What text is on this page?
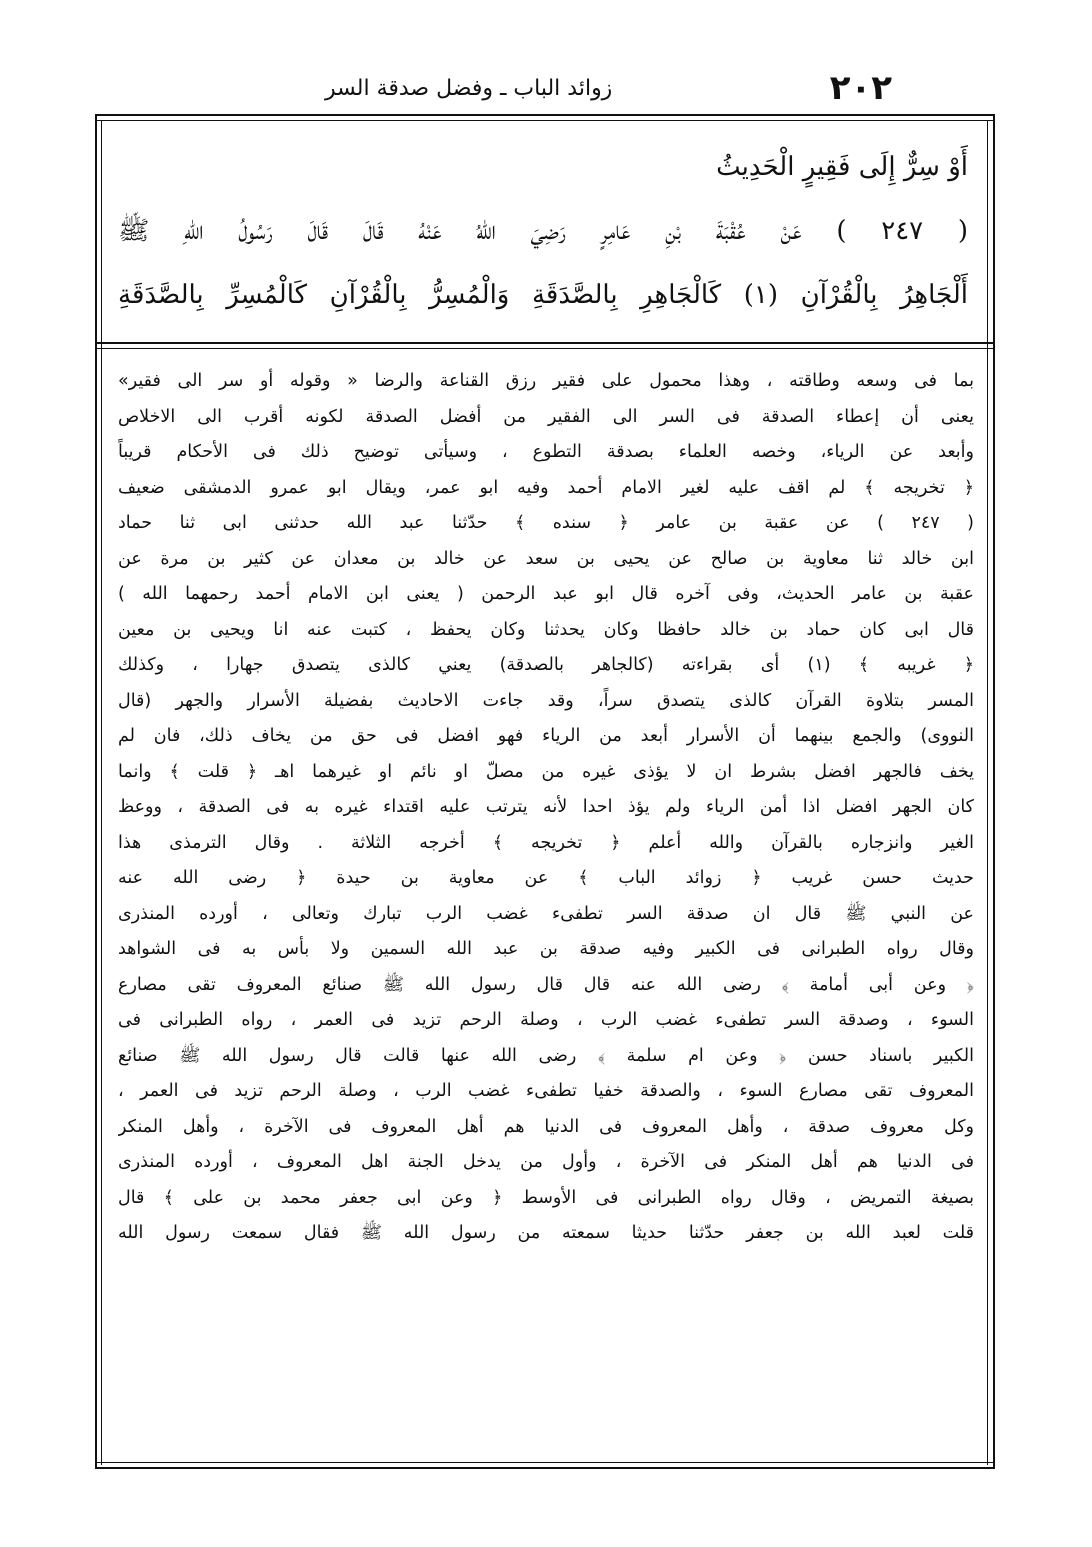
٢٠٢
زوائد الباب ـ وفضل صدقة السر
أَوْ سِرٌّ إِلَى فَقِيرٍ الْحَدِيثُ
( ٢٤٧ ) عَنْ عُقْبَةَ بْنِ عَامِرٍ رَضِيَ اللهُ عَنْهُ قَالَ قَالَ رَسُولُ اللهِ ﷺ
أَلْجَاهِرُ بِالْقُرْآنِ (١) كَالْجَاهِرِ بِالصَّدَقَةِ وَالْمُسِرُّ بِالْقُرْآنِ كَالْمُسِرِّ بِالصَّدَقَةِ
بما فى وسعه وطاقته ، وهذا محمول على فقير رزق القناعة والرضا « وقوله أو سر الى فقير»
يعنى أن إعطاء الصدقة فى السر الى الفقير من أفضل الصدقة لكونه أقرب الى الاخلاص
وأبعد عن الرياء، وخصه العلماء بصدقة التطوع ، وسيأتى توضيح ذلك فى الأحكام قريباً
﴿ تخريجه ﴾ لم اقف عليه لغير الامام أحمد وفيه ابو عمر، ويقال ابو عمرو الدمشقى ضعيف
( ٢٤٧ ) عن عقبة بن عامر ﴿ سنده ﴾ حدّثنا عبد الله حدثنى ابى ثنا حماد
ابن خالد ثنا معاوية بن صالح عن يحيى بن سعد عن خالد بن معدان عن كثير بن مرة عن
عقبة بن عامر الحديث، وفى آخره قال ابو عبد الرحمن ( يعنى ابن الامام أحمد رحمهما الله )
قال ابى كان حماد بن خالد حافظا وكان يحدثنا وكان يحفظ ، كتبت عنه انا ويحيى بن معين
﴿ غريبه ﴾ (١) أى بقراءته (كالجاهر بالصدقة) يعني كالذى يتصدق جهارا ، وكذلك
المسر بتلاوة القرآن كالذى يتصدق سراً، وقد جاءت الاحاديث بفضيلة الأسرار والجهر (قال
النووى) والجمع بينهما أن الأسرار أبعد من الرياء فهو افضل فى حق من يخاف ذلك، فان لم
يخف فالجهر افضل بشرط ان لا يؤذى غيره من مصلّ او نائم او غيرهما اهـ ﴿ قلت ﴾ وانما
كان الجهر افضل اذا أمن الرياء ولم يؤذ احدا لأنه يترتب عليه اقتداء غيره به فى الصدقة ، ووعظ
الغير وانزجاره بالقرآن والله أعلم ﴿ تخريجه ﴾ أخرجه الثلاثة . وقال الترمذى هذا
حديث حسن غريب ﴿ زوائد الباب ﴾ عن معاوية بن حيدة ﴿ رضى الله عنه
عن النبي ﷺ قال ان صدقة السر تطفىء غضب الرب تبارك وتعالى ، أورده المنذرى
وقال رواه الطبرانى فى الكبير وفيه صدقة بن عبد الله السمين ولا بأس به فى الشواهد
﴿ وعن أبى أمامة ﴾ رضى الله عنه قال قال رسول الله ﷺ صنائع المعروف تقى مصارع
السوء ، وصدقة السر تطفىء غضب الرب ، وصلة الرحم تزيد فى العمر ، رواه الطبرانى فى
الكبير باسناد حسن ﴿ وعن ام سلمة ﴾ رضى الله عنها قالت قال رسول الله ﷺ صنائع
المعروف تقى مصارع السوء ، والصدقة خفيا تطفىء غضب الرب ، وصلة الرحم تزيد فى العمر ،
وكل معروف صدقة ، وأهل المعروف فى الدنيا هم أهل المعروف فى الآخرة ، وأهل المنكر
فى الدنيا هم أهل المنكر فى الآخرة ، وأول من يدخل الجنة اهل المعروف ، أورده المنذرى
بصيغة التمريض ، وقال رواه الطبرانى فى الأوسط ﴿ وعن ابى جعفر محمد بن على ﴾ قال
قلت لعبد الله بن جعفر حدّثنا حديثا سمعته من رسول الله ﷺ فقال سمعت رسول الله
